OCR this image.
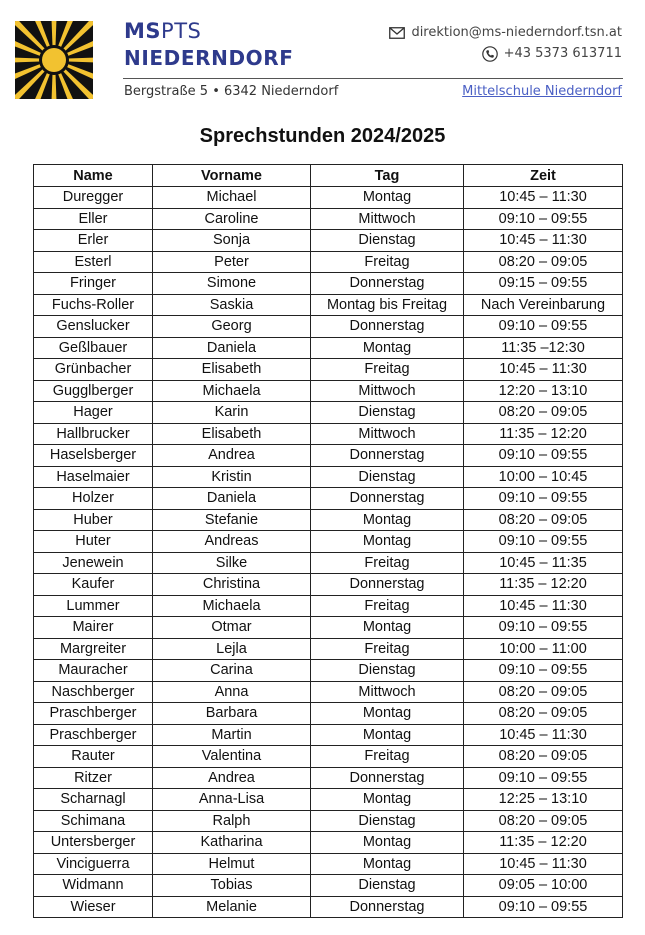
MSPTS
NIEDERNDORF
direktion@ms-niederndorf.tsn.at
+43 5373 613711
Bergstraße 5 • 6342 Niederndorf	Mittelschule Niederndorf
Sprechstunden 2024/2025
Name	Vorname	Tag	Zeit
Duregger	Michael	Montag	10:45 – 11:30
Eller	Caroline	Mittwoch	09:10 – 09:55
Erler	Sonja	Dienstag	10:45 – 11:30
Esterl	Peter	Freitag	08:20 – 09:05
Fringer	Simone	Donnerstag	09:15 – 09:55
Fuchs-Roller	Saskia	Montag bis Freitag	Nach Vereinbarung
Genslucker	Georg	Donnerstag	09:10 – 09:55
Geßlbauer	Daniela	Montag	11:35 –12:30
Grünbacher	Elisabeth	Freitag	10:45 – 11:30
Gugglberger	Michaela	Mittwoch	12:20 – 13:10
Hager	Karin	Dienstag	08:20 – 09:05
Hallbrucker	Elisabeth	Mittwoch	11:35 – 12:20
Haselsberger	Andrea	Donnerstag	09:10 – 09:55
Haselmaier	Kristin	Dienstag	10:00 – 10:45
Holzer	Daniela	Donnerstag	09:10 – 09:55
Huber	Stefanie	Montag	08:20 – 09:05
Huter	Andreas	Montag	09:10 – 09:55
Jenewein	Silke	Freitag	10:45 – 11:35
Kaufer	Christina	Donnerstag	11:35 – 12:20
Lummer	Michaela	Freitag	10:45 – 11:30
Mairer	Otmar	Montag	09:10 – 09:55
Margreiter	Lejla	Freitag	10:00 – 11:00
Mauracher	Carina	Dienstag	09:10 – 09:55
Naschberger	Anna	Mittwoch	08:20 – 09:05
Praschberger	Barbara	Montag	08:20 – 09:05
Praschberger	Martin	Montag	10:45 – 11:30
Rauter	Valentina	Freitag	08:20 – 09:05
Ritzer	Andrea	Donnerstag	09:10 – 09:55
Scharnagl	Anna-Lisa	Montag	12:25 – 13:10
Schimana	Ralph	Dienstag	08:20 – 09:05
Untersberger	Katharina	Montag	11:35 – 12:20
Vinciguerra	Helmut	Montag	10:45 – 11:30
Widmann	Tobias	Dienstag	09:05 – 10:00
Wieser	Melanie	Donnerstag	09:10 – 09:55
